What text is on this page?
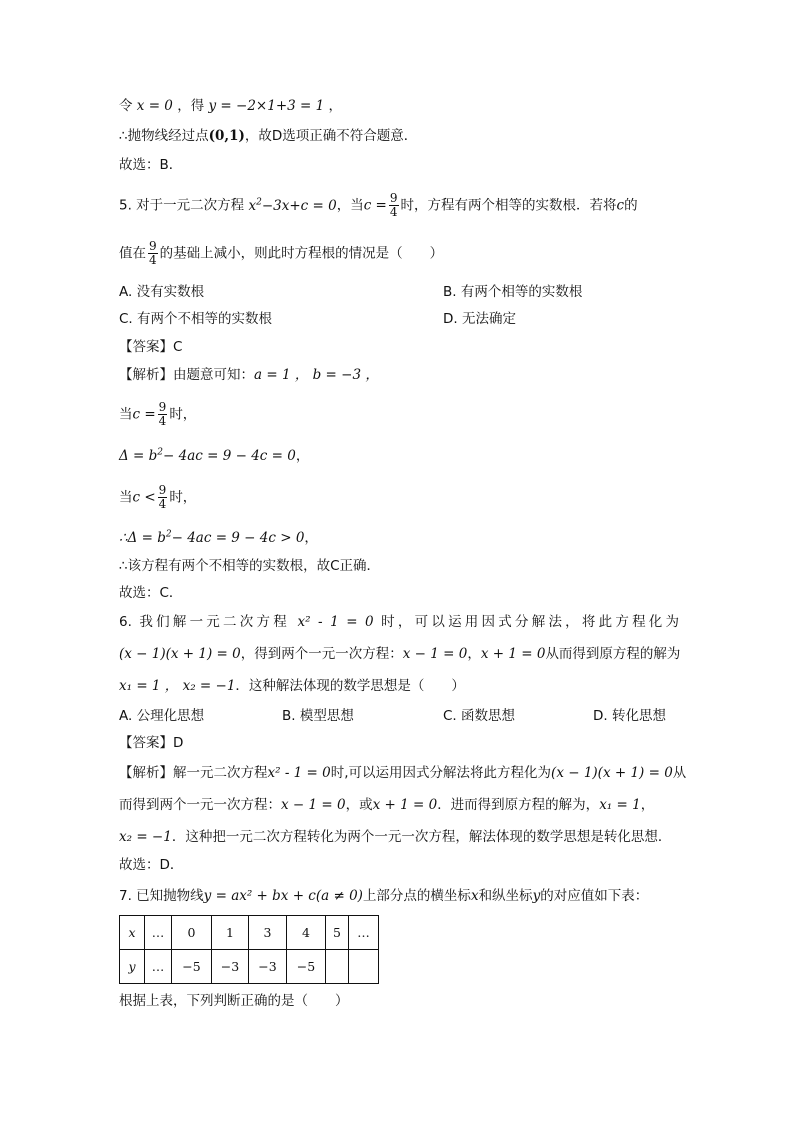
令 x = 0 ，得 y = −2×1+3 = 1 ，
∴抛物线经过点(0,1)，故D选项正确不符合题意．
故选：B．
5. 对于一元二次方程 $x^2-3x+c = 0$，当$c = \frac{9}{4}$ 时，方程有两个相等的实数根．若将c的
值在 $\frac{9}{4}$ 的基础上减小，则此时方程根的情况是（　　）
A. 没有实数根	B. 有两个相等的实数根
C. 有两个不相等的实数根	D. 无法确定
【答案】C
【解析】由题意可知：a = 1 ， b = −3 ，
当$c = \frac{9}{4}$ 时，
$\Delta = b^2- 4ac = 9 - 4c = 0$，
当$c < \frac{9}{4}$ 时，
∴Δ = $b^2- 4ac = 9 - 4c > 0$，
∴该方程有两个不相等的实数根，故C正确．
故选：C．
6. 我们解一元二次方程 x² - 1 = 0 时，可以运用因式分解法，将此方程化为
(x − 1)(x + 1) = 0，得到两个一元一次方程：x − 1 = 0，x + 1 = 0从而得到原方程的解为
x₁ = 1 ， x₂ = −1．这种解法体现的数学思想是（　　）
A. 公理化思想	B. 模型思想	C. 函数思想	D. 转化思想
【答案】D
【解析】解一元二次方程x² - 1 = 0时,可以运用因式分解法将此方程化为(x − 1)(x + 1) = 0从
而得到两个一元一次方程：x − 1 = 0，或x + 1 = 0．进而得到原方程的解为，x₁ = 1，
x₂ = −1．这种把一元二次方程转化为两个一元一次方程，解法体现的数学思想是转化思想．
故选：D．
7. 已知抛物线y = ax² + bx + c(a ≠ 0)上部分点的横坐标x和纵坐标y的对应值如下表：
x	…	0	1	3	4	5	…
y	…	−5	−3	−3	−5		
根据上表，下列判断正确的是（　　）
